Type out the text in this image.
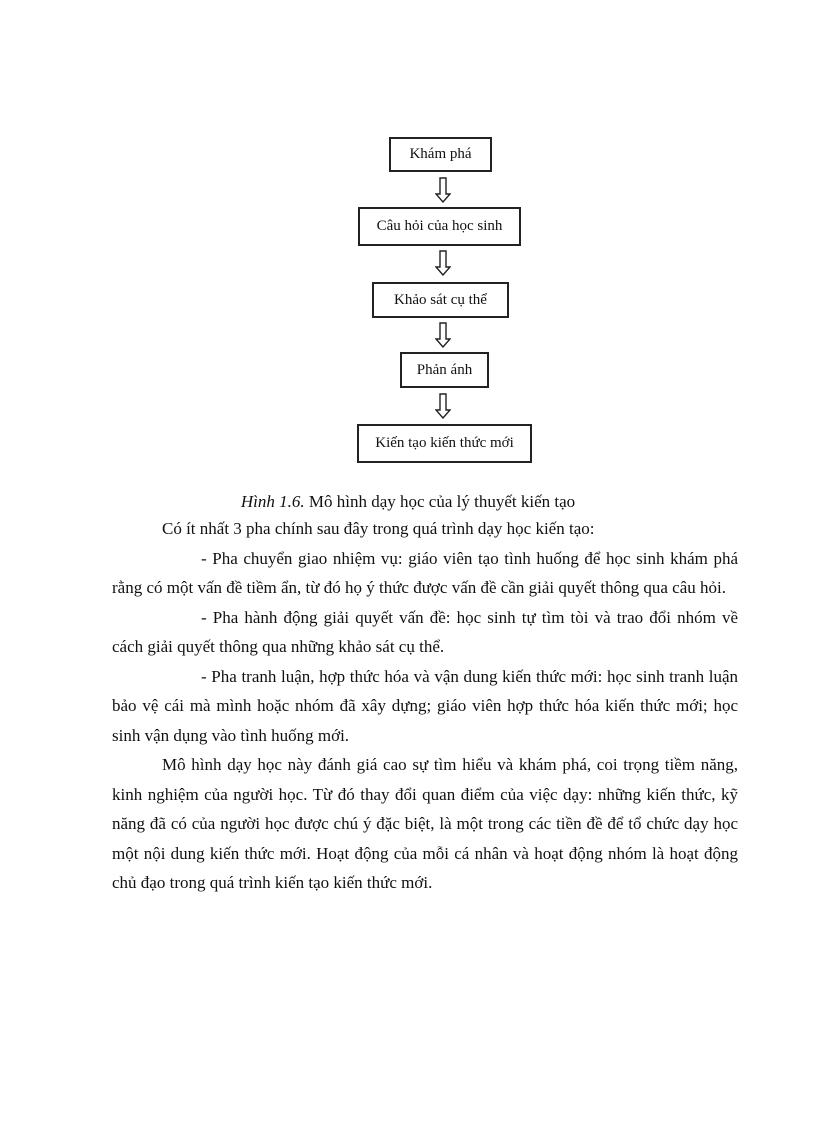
Khám phá
Câu hỏi của học sinh
Khảo sát cụ thể
Phản ánh
Kiến tạo kiến thức mới
Hình 1.6. Mô hình dạy học của lý thuyết kiến tạo

Có ít nhất 3 pha chính sau đây trong quá trình dạy học kiến tạo:

- Pha chuyển giao nhiệm vụ: giáo viên tạo tình huống để học sinh khám phá rằng có một vấn đề tiềm ẩn, từ đó họ ý thức được vấn đề cần giải quyết thông qua câu hỏi.

- Pha hành động giải quyết vấn đề: học sinh tự tìm tòi và trao đổi nhóm về cách giải quyết thông qua những khảo sát cụ thể.

- Pha tranh luận, hợp thức hóa và vận dung kiến thức mới: học sinh tranh luận bảo vệ cái mà mình hoặc nhóm đã xây dựng; giáo viên hợp thức hóa kiến thức mới; học sinh vận dụng vào tình huống mới.

Mô hình dạy học này đánh giá cao sự tìm hiểu và khám phá, coi trọng tiềm năng, kinh nghiệm của người học. Từ đó thay đổi quan điểm của việc dạy: những kiến thức, kỹ năng đã có của người học được chú ý đặc biệt, là một trong các tiền đề để tổ chức dạy học một nội dung kiến thức mới. Hoạt động của mỗi cá nhân và hoạt động nhóm là hoạt động chủ đạo trong quá trình kiến tạo kiến thức mới.
